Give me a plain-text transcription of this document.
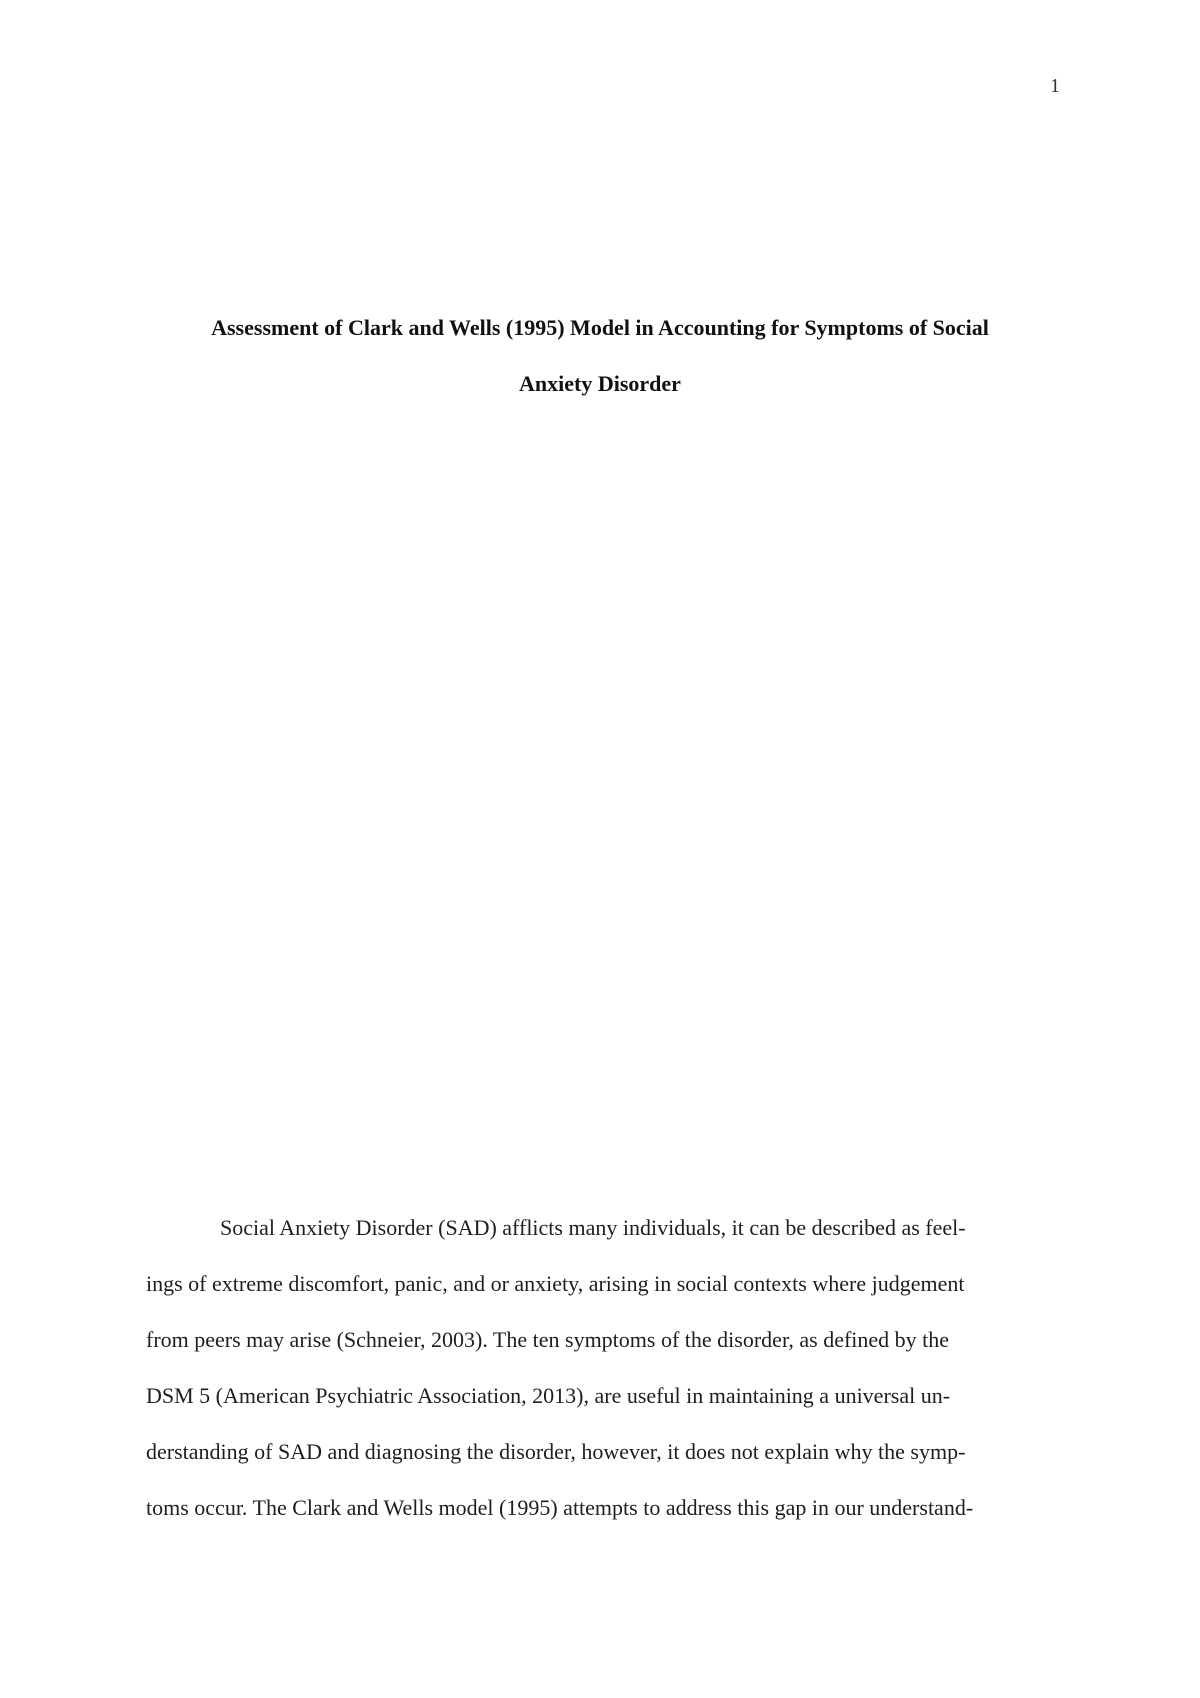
1
Assessment of Clark and Wells (1995) Model in Accounting for Symptoms of Social
Anxiety Disorder
Social Anxiety Disorder (SAD) afflicts many individuals, it can be described as feel-
ings of extreme discomfort, panic, and or anxiety, arising in social contexts where judgement
from peers may arise (Schneier, 2003). The ten symptoms of the disorder, as defined by the
DSM 5 (American Psychiatric Association, 2013), are useful in maintaining a universal un-
derstanding of SAD and diagnosing the disorder, however, it does not explain why the symp-
toms occur. The Clark and Wells model (1995) attempts to address this gap in our understand-
